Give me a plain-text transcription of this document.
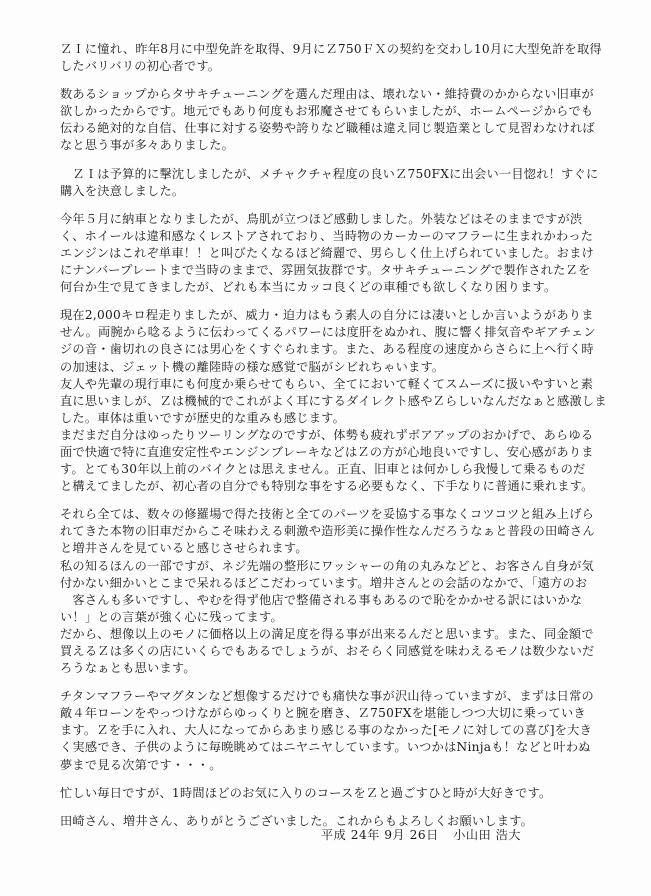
ＺＩに憧れ、昨年8月に中型免許を取得、9月にＺ750ＦＸの契約を交わし10月に大型免許を取得
したバリバリの初心者です。

数あるショップからタサキチューニングを選んだ理由は、壊れない・維持費のかからない旧車が
欲しかったからです。地元でもあり何度もお邪魔させてもらいましたが、ホームページからでも
伝わる絶対的な自信、仕事に対する姿勢や誇りなど職種は違え同じ製造業として見習わなければ
なと思う事が多々ありました。

　ＺＩは予算的に撃沈しましたが、メチャクチャ程度の良いＺ750FXに出会い一目惚れ！すぐに
購入を決意しました。

今年５月に納車となりましたが、鳥肌が立つほど感動しました。外装などはそのままですが渋
く、ホイールは違和感なくレストアされており、当時物のカーカーのマフラーに生まれかわった
エンジンはこれぞ単車！！と叫びたくなるほど綺麗で、男らしく仕上げられていました。おまけ
にナンバープレートまで当時のままで、雰囲気抜群です。タサキチューニングで製作されたＺを
何台か生で見てきましたが、どれも本当にカッコ良くどの車種でも欲しくなり困ります。

現在2,000キロ程走りましたが、威力・迫力はもう素人の自分には凄いとしか言いようがありま
せん。両腕から唸るように伝わってくるパワーには度肝をぬかれ、腹に響く排気音やギアチェン
ジの音・歯切れの良さには男心をくすぐられます。また、ある程度の速度からさらに上へ行く時
の加速は、ジェット機の離陸時の様な感覚で脳がシビれちゃいます。
友人や先輩の現行車にも何度か乗らせてもらい、全てにおいて軽くてスムーズに扱いやすいと素
直に思いましが、Ｚは機械的でこれがよく耳にするダイレクト感やＺらしいなんだなぁと感激しま
した。車体は重いですが歴史的な重みも感じます。
まだまだ自分はゆったりツーリングなのですが、体勢も疲れずボアアップのおかげで、あらゆる
面で快適で特に直進安定性やエンジンブレーキなどはＺの方が心地良いですし、安心感がありま
す。とても30年以上前のバイクとは思えません。正直、旧車とは何かしら我慢して乗るものだ
と構えてましたが、初心者の自分でも特別な事をする必要もなく、下手なりに普通に乗れます。

それら全ては、数々の修羅場で得た技術と全てのパーツを妥協する事なくコツコツと組み上げら
れてきた本物の旧車だからこそ味わえる刺激や造形美に操作性なんだろうなぁと普段の田崎さん
と増井さんを見ていると感じさせられます。
私の知るほんの一部ですが、ネジ先端の整形にワッシャーの角の丸みなどと、お客さん自身が気
付かない細かいとこまで呆れるほどこだわっています。増井さんとの会話のなかで、「遠方のお
　客さんも多いですし、やむを得ず他店で整備される事もあるので恥をかかせる訳にはいかな
い！」との言葉が強く心に残ってます。
だから、想像以上のモノに価格以上の満足度を得る事が出来るんだと思います。また、同金額で
買えるＺは多くの店にいくらでもあるでしょうが、おそらく同感覚を味わえるモノは数少ないだ
ろうなぁとも思います。

チタンマフラーやマグタンなど想像するだけでも痛快な事が沢山待っていますが、まずは日常の
敵４年ローンをやっつけながらゆっくりと腕を磨き、Ｚ750FXを堪能しつつ大切に乗っていき
ます。Ｚを手に入れ、大人になってからあまり感じる事のなかった[モノに対しての喜び]を大き
く実感でき、子供のように毎晩眺めてはニヤニヤしています。いつかはNinjaも！などと叶わぬ
夢まで見る次第です・・・。

忙しい毎日ですが、1時間ほどのお気に入りのコースをＺと過ごすひと時が大好きです。

田崎さん、増井さん、ありがとうございました。これからもよろしくお願いします。

平成 24年 9月 26日 小山田 浩大
